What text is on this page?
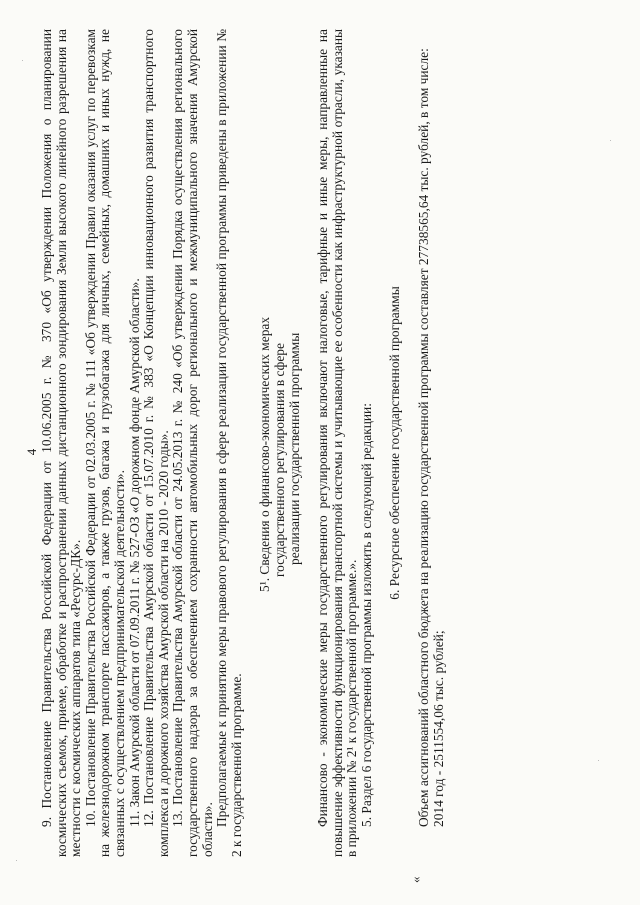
4
«

9. Постановление Правительства Российской Федерации от 10.06.2005 г. № 370 «Об утверждении Положения о планировании космических съемок, приеме, обработке и распространении данных дистанционного зондирования Земли высокого линейного разрешения на местности с космических аппаратов типа «Ресурс-ДК». 10. Постановление Правительства Российской Федерации от 02.03.2005 г. № 111 «Об утверждении Правил оказания услуг по перевозкам на железнодорожном транспорте пассажиров, а также грузов, багажа и грузобагажа для личных, семейных, домашних и иных нужд, не связанных с осуществлением предпринимательской деятельности». 11. Закон Амурской области от 07.09.2011 г. № 527-ОЗ «О дорожном фонде Амурской области». 12. Постановление Правительства Амурской области от 15.07.2010 г. № 383 «О Концепции инновационного развития транспортного комплекса и дорожного хозяйства Амурской области на 2010 - 2020 годы». 13. Постановление Правительства Амурской области от 24.05.2013 г. № 240 «Об утверждении Порядка осуществления регионального государственного надзора за обеспечением сохранности автомобильных дорог регионального и межмуниципального значения Амурской области».

Предполагаемые к принятию меры правового регулирования в сфере реализации государственной программы приведены в приложении № 2 к государственной программе.

5¹. Сведения о финансово-экономических мерах государственного регулирования в сфере реализации государственной программы Финансово - экономические меры государственного регулирования включают налоговые, тарифные и иные меры, направленные на повышение эффективности функционирования транспортной системы и учитывающие ее особенности как инфраструктурной отрасли, указаны в приложении № 2¹ к государственной программе.». 5. Раздел 6 государственной программы изложить в следующей редакции:	6. Ресурсное обеспечение государственной программы	Объем ассигнований областного бюджета на реализацию государственной программы составляет 27738565,64 тыс. рублей, в том числе: 2014 год - 2511554,06 тыс. рублей;
